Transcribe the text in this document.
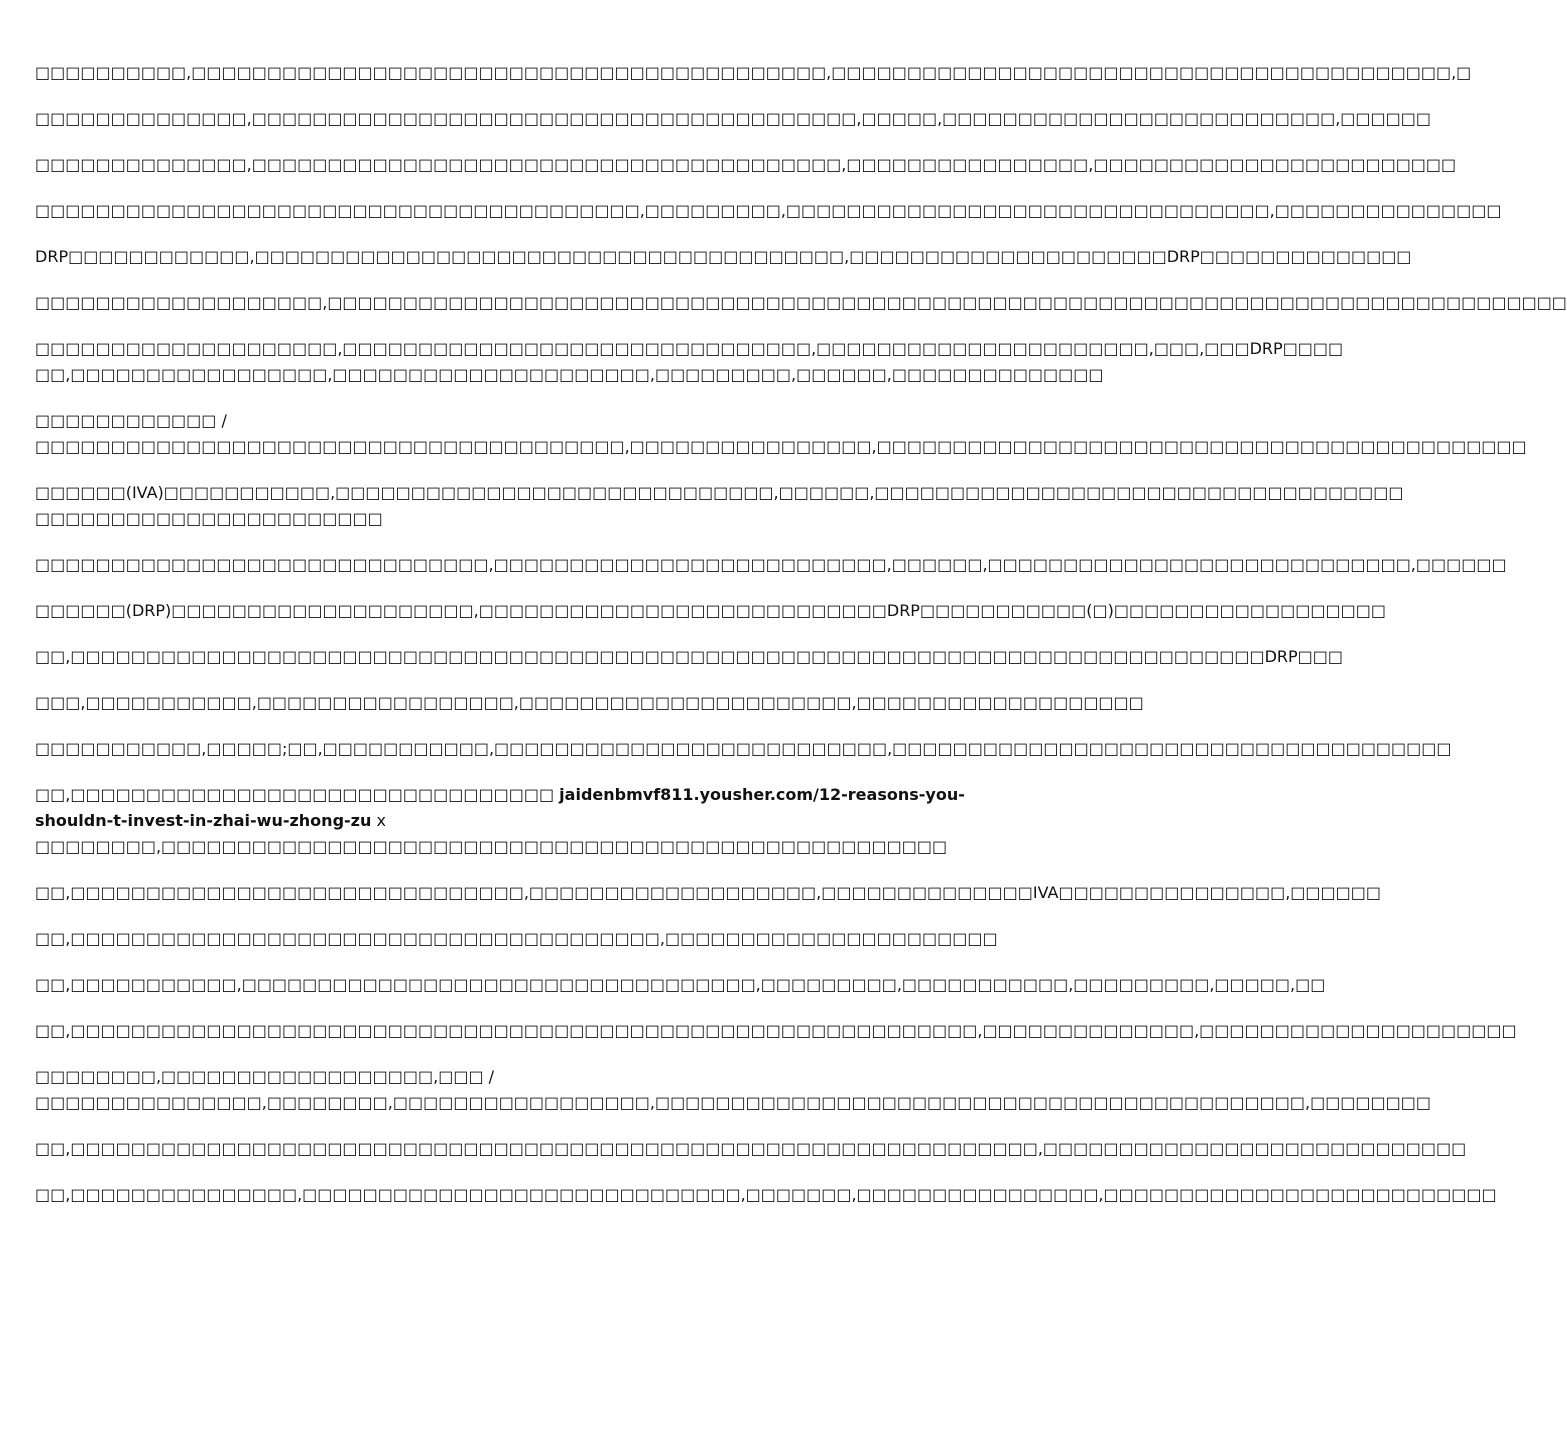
□□□□□□□□□□,□□□□□□□□□□□□□□□□□□□□□□□□□□□□□□□□□□□□□□□□□□,□□□□□□□□□□□□□□□□□□□□□□□□□□□□□□□□□□□□□□□□□,□

□□□□□□□□□□□□□□,□□□□□□□□□□□□□□□□□□□□□□□□□□□□□□□□□□□□□□□□,□□□□□,□□□□□□□□□□□□□□□□□□□□□□□□□□,□□□□□□

□□□□□□□□□□□□□□,□□□□□□□□□□□□□□□□□□□□□□□□□□□□□□□□□□□□□□□,□□□□□□□□□□□□□□□□,□□□□□□□□□□□□□□□□□□□□□□□□

□□□□□□□□□□□□□□□□□□□□□□□□□□□□□□□□□□□□□□□□,□□□□□□□□□,□□□□□□□□□□□□□□□□□□□□□□□□□□□□□□□□,□□□□□□□□□□□□□□□

DRP□□□□□□□□□□□□,□□□□□□□□□□□□□□□□□□□□□□□□□□□□□□□□□□□□□□□,□□□□□□□□□□□□□□□□□□□□□DRP□□□□□□□□□□□□□□

□□□□□□□□□□□□□□□□□□□,□□□□□□□□□□□□□□□□□□□□□□□□□□□□□□□□□□□□□□□□□□□□□□□□□□□□□□□□□□□□□□□□□□□□□□□□□□□□□□□□□□

□□□□□□□□□□□□□□□□□□□□,□□□□□□□□□□□□□□□□□□□□□□□□□□□□□□□,□□□□□□□□□□□□□□□□□□□□□□,□□□,□□□DRP□□□□
□□,□□□□□□□□□□□□□□□□□,□□□□□□□□□□□□□□□□□□□□□,□□□□□□□□□,□□□□□□,□□□□□□□□□□□□□□

□□□□□□□□□□□□ /
□□□□□□□□□□□□□□□□□□□□□□□□□□□□□□□□□□□□□□□,□□□□□□□□□□□□□□□□,□□□□□□□□□□□□□□□□□□□□□□□□□□□□□□□□□□□□□□□□□□□

□□□□□□(IVA)□□□□□□□□□□□,□□□□□□□□□□□□□□□□□□□□□□□□□□□□□,□□□□□□,□□□□□□□□□□□□□□□□□□□□□□□□□□□□□□□□□□□
□□□□□□□□□□□□□□□□□□□□□□□

□□□□□□□□□□□□□□□□□□□□□□□□□□□□□□,□□□□□□□□□□□□□□□□□□□□□□□□□□,□□□□□□,□□□□□□□□□□□□□□□□□□□□□□□□□□□□,□□□□□□

□□□□□□(DRP)□□□□□□□□□□□□□□□□□□□□,□□□□□□□□□□□□□□□□□□□□□□□□□□□DRP□□□□□□□□□□□(□)□□□□□□□□□□□□□□□□□□

□□,□□□□□□□□□□□□□□□□□□□□□□□□□□□□□□□□□□□□□□□□□□□□□□□□□□□□□□□□□□□□□□□□□□□□□□□□□□□□□□□DRP□□□

□□□,□□□□□□□□□□□,□□□□□□□□□□□□□□□□□,□□□□□□□□□□□□□□□□□□□□□□,□□□□□□□□□□□□□□□□□□□

□□□□□□□□□□□,□□□□□;□□,□□□□□□□□□□□,□□□□□□□□□□□□□□□□□□□□□□□□□□,□□□□□□□□□□□□□□□□□□□□□□□□□□□□□□□□□□□□□

□□,□□□□□□□□□□□□□□□□□□□□□□□□□□□□□□□□ jaidenbmvf811.yousher.com/12-reasons-you-shouldn-t-invest-in-zhai-wu-zhong-zu x □□□□□□□□,□□□□□□□□□□□□□□□□□□□□□□□□□□□□□□□□□□□□□□□□□□□□□□□□□□□□

□□,□□□□□□□□□□□□□□□□□□□□□□□□□□□□□□,□□□□□□□□□□□□□□□□□□□,□□□□□□□□□□□□□□IVA□□□□□□□□□□□□□□□,□□□□□□

□□,□□□□□□□□□□□□□□□□□□□□□□□□□□□□□□□□□□□□□□□,□□□□□□□□□□□□□□□□□□□□□□

□□,□□□□□□□□□□□,□□□□□□□□□□□□□□□□□□□□□□□□□□□□□□□□□□,□□□□□□□□□,□□□□□□□□□□□,□□□□□□□□□,□□□□□,□□

□□,□□□□□□□□□□□□□□□□□□□□□□□□□□□□□□□□□□□□□□□□□□□□□□□□□□□□□□□□□□□□,□□□□□□□□□□□□□□,□□□□□□□□□□□□□□□□□□□□□

□□□□□□□□,□□□□□□□□□□□□□□□□□□,□□□ /
□□□□□□□□□□□□□□□,□□□□□□□□,□□□□□□□□□□□□□□□□□,□□□□□□□□□□□□□□□□□□□□□□□□□□□□□□□□□□□□□□□□□□□,□□□□□□□□

□□,□□□□□□□□□□□□□□□□□□□□□□□□□□□□□□□□□□□□□□□□□□□□□□□□□□□□□□□□□□□□□□□□,□□□□□□□□□□□□□□□□□□□□□□□□□□□□

□□,□□□□□□□□□□□□□□□,□□□□□□□□□□□□□□□□□□□□□□□□□□□□□,□□□□□□□,□□□□□□□□□□□□□□□□,□□□□□□□□□□□□□□□□□□□□□□□□□□
